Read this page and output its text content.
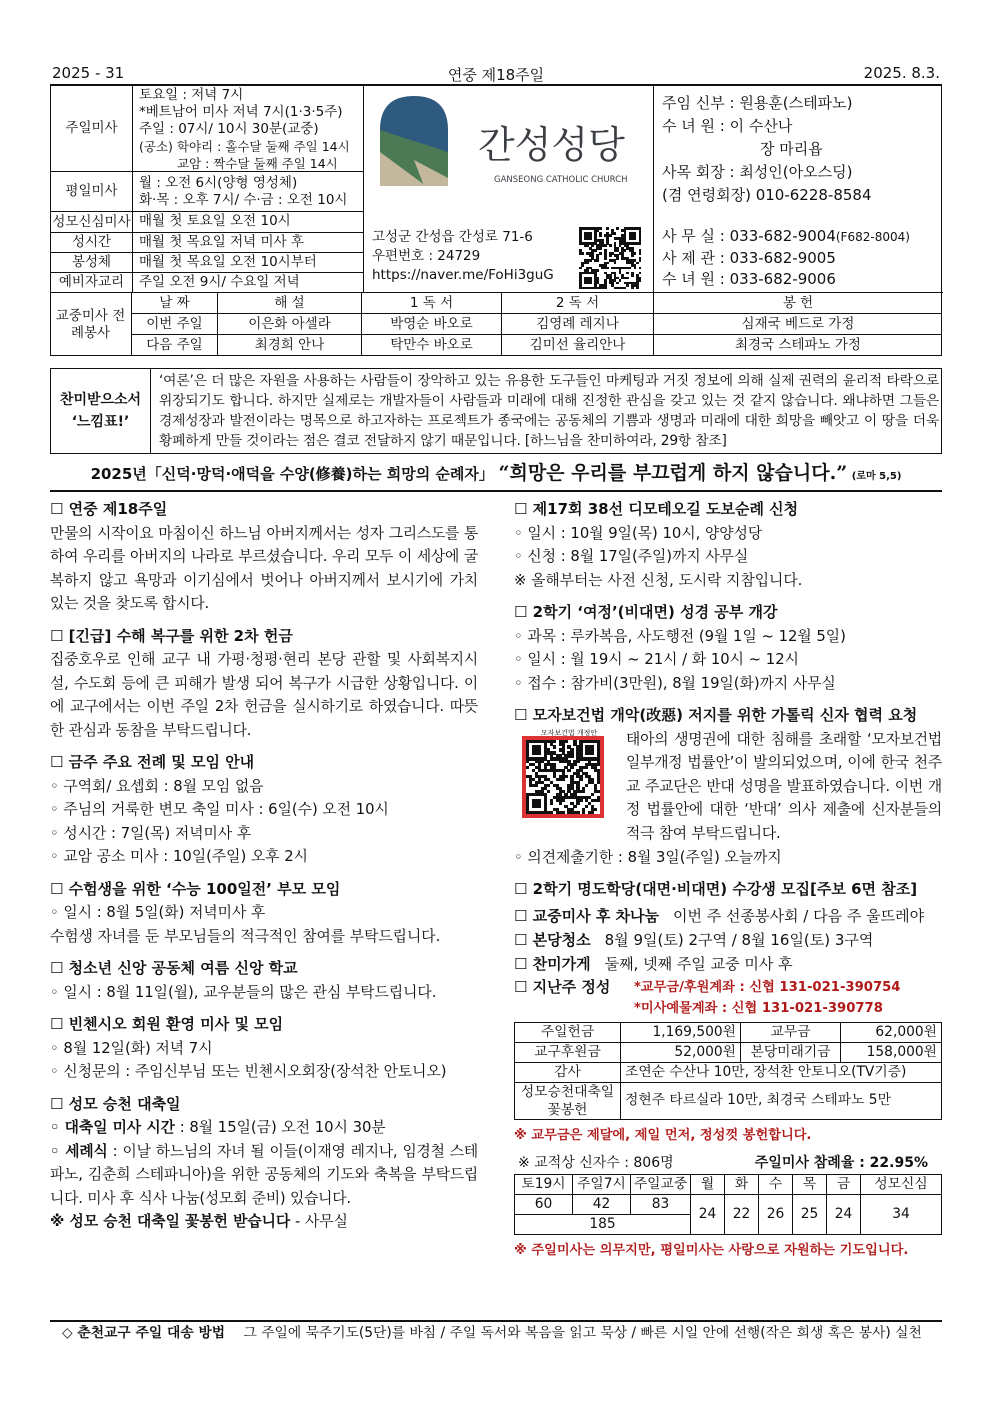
2025 - 31	연중 제18주일	2025. 8.3.
주일미사
토요일 : 저녁 7시
*베트남어 미사 저녁 7시(1·3·5주)
주일 : 07시/ 10시 30분(교중)
(공소) 학야리 : 홀수달 둘째 주일 14시
교암 : 짝수달 둘째 주일 14시
평일미사	월 : 오전 6시(양형 영성체)
화·목 : 오후 7시/ 수·금 : 오전 10시
성모신심미사 매월 첫 토요일 오전 10시
성시간	매월 첫 목요일 저녁 미사 후
봉성체	매월 첫 목요일 오전 10시부터
예비자교리	주일 오전 9시/ 수요일 저녁
간성성당
GANSEONG CATHOLIC CHURCH
고성군 간성읍 간성로 71-6
우편번호 : 24729
https://naver.me/FoHi3guG
주임 신부 : 원용훈(스테파노)
수 녀 원 : 이 수산나
장 마리욥
사목 회장 : 최성인(아오스딩)
(겸 연령회장) 010-6228-8584
사 무 실 : 033-682-9004(F682-8004)
사 제 관 : 033-682-9005
수 녀 원 : 033-682-9006
교중미사 전례봉사
날 짜	해 설	1 독 서	2 독 서	봉 헌
이번 주일	이은화 아셀라	박영순 바오로	김영례 레지나	심재국 베드로 가정
다음 주일	최경희 안나	탁만수 바오로	김미선 율리안나	최경국 스테파노 가정
찬미받으소서
‘느낌표!’
‘여론’은 더 많은 자원을 사용하는 사람들이 장악하고 있는 유용한 도구들인 마케팅과 거짓 정보에 의해 실제 권력의 윤리적 타락으로 위장되기도 합니다. 하지만 실제로는 개발자들이 사람들과 미래에 대해 진정한 관심을 갖고 있는 것 같지 않습니다. 왜냐하면 그들은 경제성장과 발전이라는 명목으로 하고자하는 프로젝트가 종국에는 공동체의 기쁨과 생명과 미래에 대한 희망을 빼앗고 이 땅을 더욱 황폐하게 만들 것이라는 점은 결코 전달하지 않기 때문입니다. [하느님을 찬미하여라, 29항 참조]
2025년「신덕·망덕·애덕을 수양(修養)하는 희망의 순례자」 “희망은 우리를 부끄럽게 하지 않습니다.” (로마 5,5)
☐ 연중 제18주일
만물의 시작이요 마침이신 하느님 아버지께서는 성자 그리스도를 통하여 우리를 아버지의 나라로 부르셨습니다. 우리 모두 이 세상에 굴복하지 않고 욕망과 이기심에서 벗어나 아버지께서 보시기에 가치 있는 것을 찾도록 합시다.
☐ [긴급] 수해 복구를 위한 2차 헌금
집중호우로 인해 교구 내 가평·청평·현리 본당 관할 및 사회복지시설, 수도회 등에 큰 피해가 발생 되어 복구가 시급한 상황입니다. 이에 교구에서는 이번 주일 2차 헌금을 실시하기로 하였습니다. 따뜻한 관심과 동참을 부탁드립니다.
☐ 금주 주요 전례 및 모임 안내
◦ 구역회/ 요셉회 : 8월 모임 없음
◦ 주님의 거룩한 변모 축일 미사 : 6일(수) 오전 10시
◦ 성시간 : 7일(목) 저녁미사 후
◦ 교암 공소 미사 : 10일(주일) 오후 2시
☐ 수험생을 위한 ‘수능 100일전’ 부모 모임
◦ 일시 : 8월 5일(화) 저녁미사 후
수험생 자녀를 둔 부모님들의 적극적인 참여를 부탁드립니다.
☐ 청소년 신앙 공동체 여름 신앙 학교
◦ 일시 : 8월 11일(월), 교우분들의 많은 관심 부탁드립니다.
☐ 빈첸시오 회원 환영 미사 및 모임
◦ 8월 12일(화) 저녁 7시
◦ 신청문의 : 주임신부님 또는 빈첸시오회장(장석찬 안토니오)
☐ 성모 승천 대축일
◦ 대축일 미사 시간 : 8월 15일(금) 오전 10시 30분
◦ 세례식 : 이날 하느님의 자녀 될 이들(이재영 레지나, 임경철 스테파노, 김춘희 스테파니아)을 위한 공동체의 기도와 축복을 부탁드립니다. 미사 후 식사 나눔(성모회 준비) 있습니다.
※ 성모 승천 대축일 꽃봉헌 받습니다 - 사무실
☐ 제17회 38선 디모테오길 도보순례 신청
◦ 일시 : 10월 9일(목) 10시, 양양성당
◦ 신청 : 8월 17일(주일)까지 사무실
※ 올해부터는 사전 신청, 도시락 지참입니다.
☐ 2학기 ‘여정’(비대면) 성경 공부 개강
◦ 과목 : 루카복음, 사도행전 (9월 1일 ~ 12월 5일)
◦ 일시 : 월 19시 ~ 21시 / 화 10시 ~ 12시
◦ 접수 : 참가비(3만원), 8월 19일(화)까지 사무실
☐ 모자보건법 개악(改惡) 저지를 위한 가톨릭 신자 협력 요청
모자보건법 개정안	태아의 생명권에 대한 침해를 초래할 ‘모자보건법 일부개정 법률안’이 발의되었으며, 이에 한국 천주교 주교단은 반대 성명을 발표하였습니다. 이번 개정 법률안에 대한 ‘반대’ 의사 제출에 신자분들의 적극 참여 부탁드립니다.
◦ 의견제출기한 : 8월 3일(주일) 오늘까지
☐ 2학기 명도학당(대면·비대면) 수강생 모집[주보 6면 참조]
☐ 교중미사 후 차나눔 이번 주 선종봉사회 / 다음 주 울뜨레야
☐ 본당청소 8월 9일(토) 2구역 / 8월 16일(토) 3구역
☐ 찬미가게 둘째, 넷째 주일 교중 미사 후
☐ 지난주 정성 *교무금/후원계좌 : 신협 131-021-390754
*미사예물계좌 : 신협 131-021-390778
주일헌금	1,169,500원	교무금	62,000원
교구후원금	52,000원	본당미래기금	158,000원
감사	조연순 수산나 10만, 장석찬 안토니오(TV기증)		

성모승천대축일
꽃봉헌	정현주 타르실라 10만, 최경국 스테파노 5만		
※ 교무금은 제달에, 제일 먼저, 정성껏 봉헌합니다.
※ 교적상 신자수 : 806명	주일미사 참례율 : 22.95%
토19시	주일7시	주일교중	월	화	수	목	금	성모신심
60	42	83	24	22	26	25	24	34
185								
※ 주일미사는 의무지만, 평일미사는 사랑으로 자원하는 기도입니다.
◇ 춘천교구 주일 대송 방법 그 주일에 묵주기도(5단)를 바침 / 주일 독서와 복음을 읽고 묵상 / 빠른 시일 안에 선행(작은 희생 혹은 봉사) 실천
